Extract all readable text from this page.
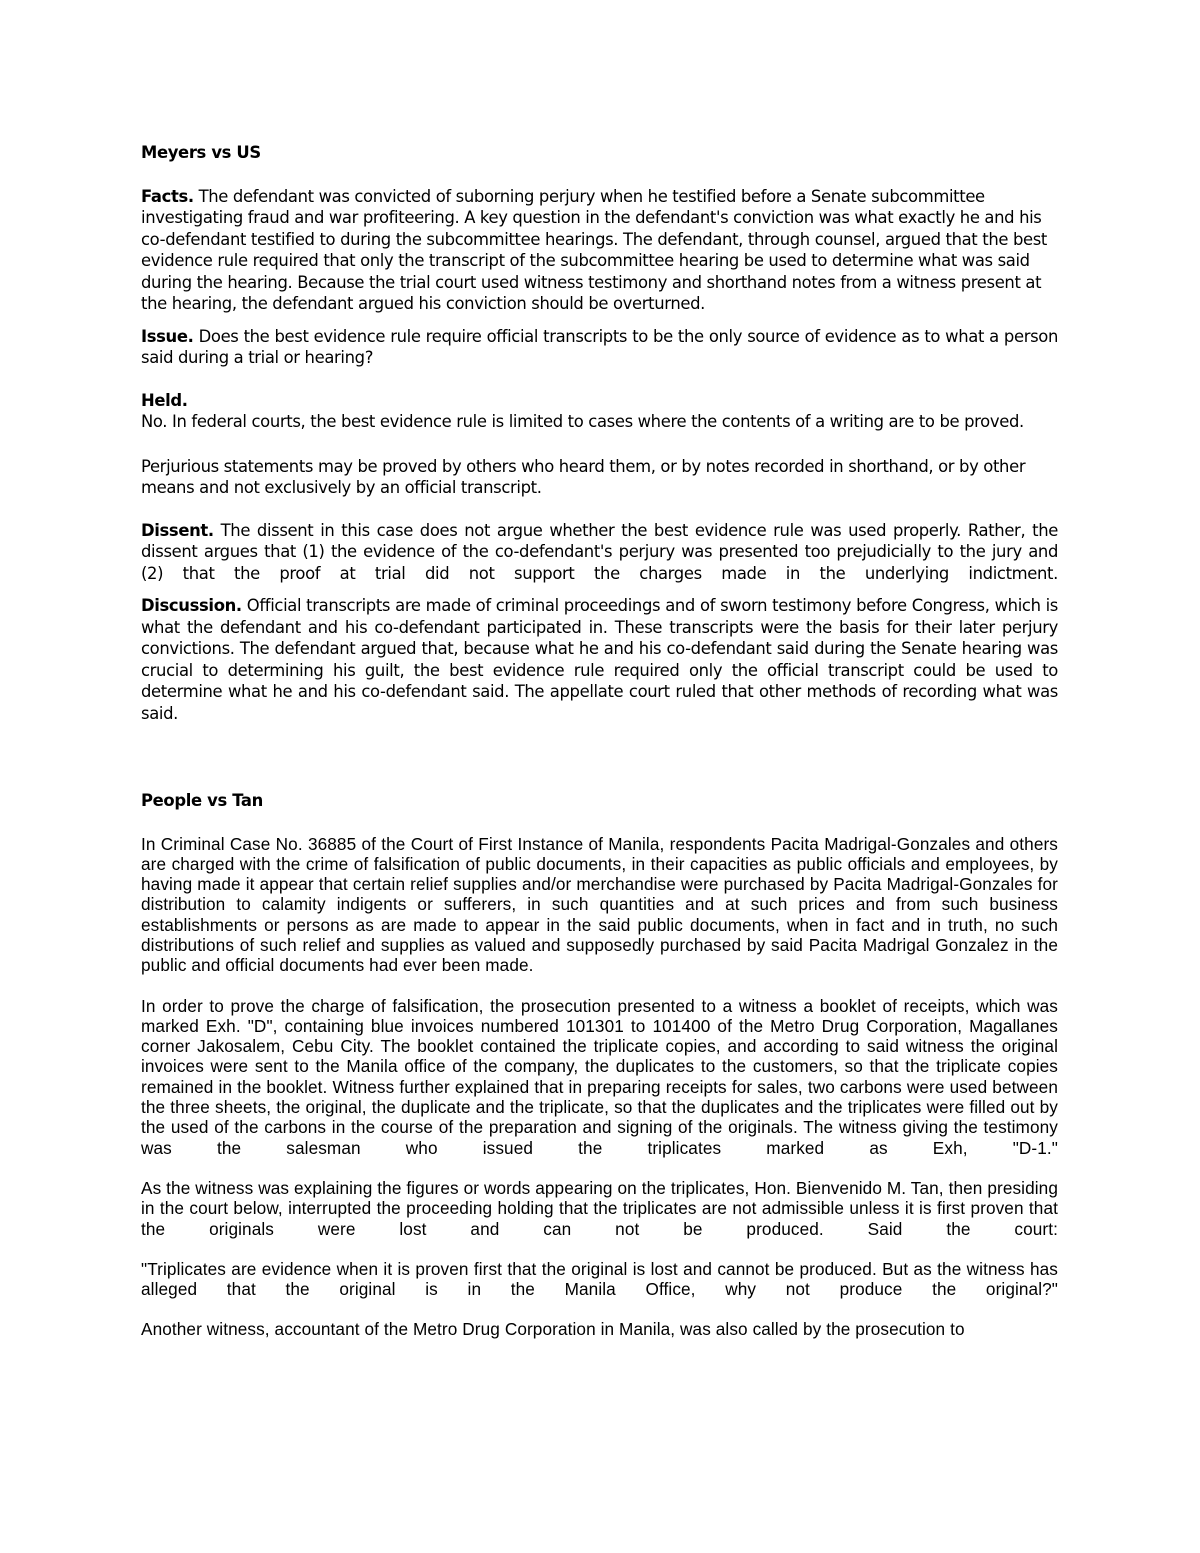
Meyers vs US

Facts. The defendant was convicted of suborning perjury when he testified before a Senate subcommittee investigating fraud and war profiteering. A key question in the defendant's conviction was what exactly he and his co-defendant testified to during the subcommittee hearings. The defendant, through counsel, argued that the best evidence rule required that only the transcript of the subcommittee hearing be used to determine what was said during the hearing. Because the trial court used witness testimony and shorthand notes from a witness present at the hearing, the defendant argued his conviction should be overturned.

Issue. Does the best evidence rule require official transcripts to be the only source of evidence as to what a person said during a trial or hearing?

Held.

No. In federal courts, the best evidence rule is limited to cases where the contents of a writing are to be proved.

Perjurious statements may be proved by others who heard them, or by notes recorded in shorthand, or by other means and not exclusively by an official transcript.

Dissent. The dissent in this case does not argue whether the best evidence rule was used properly. Rather, the dissent argues that (1) the evidence of the co-defendant's perjury was presented too prejudicially to the jury and (2) that the proof at trial did not support the charges made in the underlying indictment.

Discussion. Official transcripts are made of criminal proceedings and of sworn testimony before Congress, which is what the defendant and his co-defendant participated in. These transcripts were the basis for their later perjury convictions. The defendant argued that, because what he and his co-defendant said during the Senate hearing was crucial to determining his guilt, the best evidence rule required only the official transcript could be used to determine what he and his co-defendant said. The appellate court ruled that other methods of recording what was said.

People vs Tan

In Criminal Case No. 36885 of the Court of First Instance of Manila, respondents Pacita Madrigal-Gonzales and others are charged with the crime of falsification of public documents, in their capacities as public officials and employees, by having made it appear that certain relief supplies and/or merchandise were purchased by Pacita Madrigal-Gonzales for distribution to calamity indigents or sufferers, in such quantities and at such prices and from such business establishments or persons as are made to appear in the said public documents, when in fact and in truth, no such distributions of such relief and supplies as valued and supposedly purchased by said Pacita Madrigal Gonzalez in the public and official documents had ever been made.

In order to prove the charge of falsification, the prosecution presented to a witness a booklet of receipts, which was marked Exh. "D", containing blue invoices numbered 101301 to 101400 of the Metro Drug Corporation, Magallanes corner Jakosalem, Cebu City. The booklet contained the triplicate copies, and according to said witness the original invoices were sent to the Manila office of the company, the duplicates to the customers, so that the triplicate copies remained in the booklet. Witness further explained that in preparing receipts for sales, two carbons were used between the three sheets, the original, the duplicate and the triplicate, so that the duplicates and the triplicates were filled out by the used of the carbons in the course of the preparation and signing of the originals. The witness giving the testimony was the salesman who issued the triplicates marked as Exh, "D-1."

As the witness was explaining the figures or words appearing on the triplicates, Hon. Bienvenido M. Tan, then presiding in the court below, interrupted the proceeding holding that the triplicates are not admissible unless it is first proven that the originals were lost and can not be produced. Said the court:

"Triplicates are evidence when it is proven first that the original is lost and cannot be produced. But as the witness has alleged that the original is in the Manila Office, why not produce the original?"

Another witness, accountant of the Metro Drug Corporation in Manila, was also called by the prosecution to
